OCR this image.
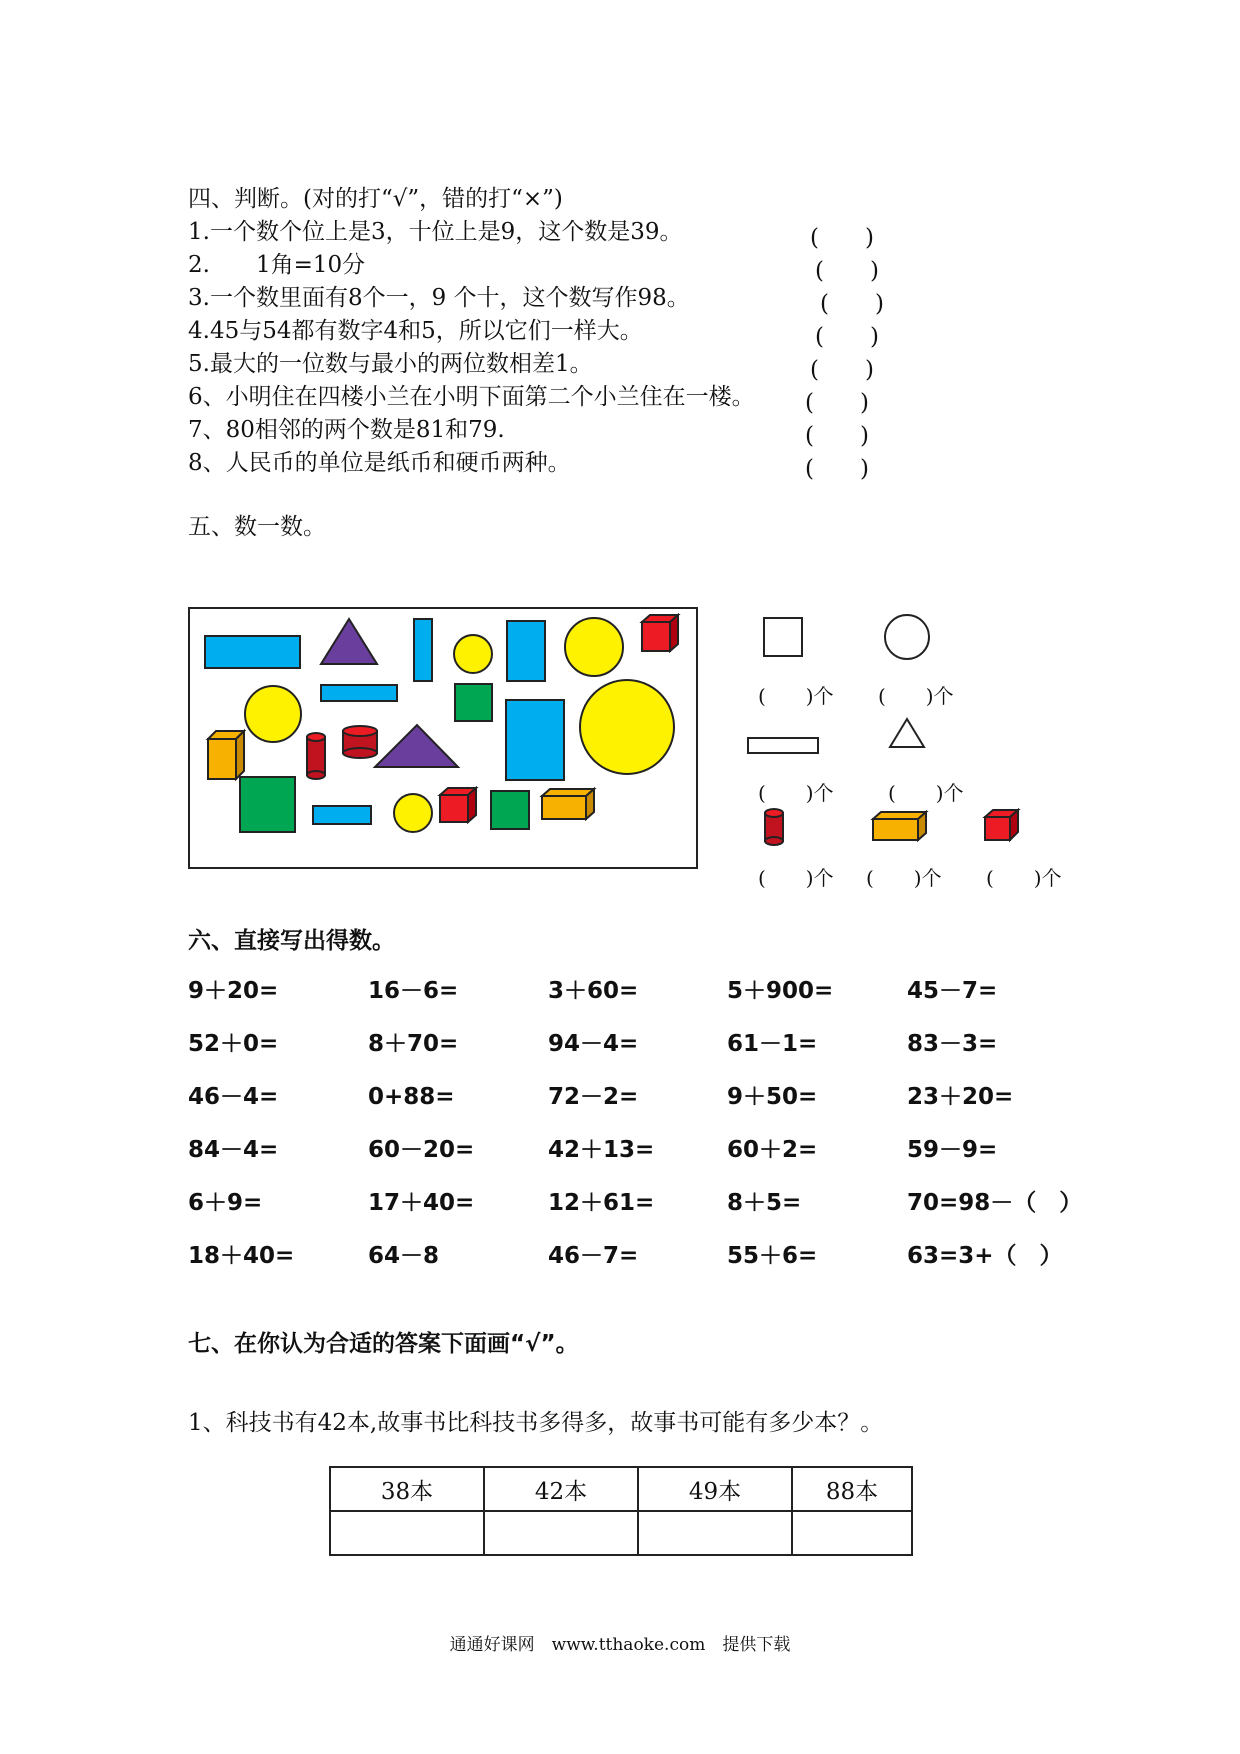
四、判断。(对的打“√”，错的打“×”)
1.一个数个位上是3，十位上是9，这个数是39。	(　　)
2.　　1角=10分	(　　)
3.一个数里面有8个一，9 个十，这个数写作98。	(　　)
4.45与54都有数字4和5，所以它们一样大。	(　　)
5.最大的一位数与最小的两位数相差1。	(　　)
6、小明住在四楼小兰在小明下面第二个小兰住在一楼。 (　　)
7、80相邻的两个数是81和79.	(　　)
8、人民币的单位是纸币和硬币两种。	(　　)
五、数一数。
(　　)个 (　　)个
(　　)个	(　　)个
(　　)个 (　　)个 (　　)个
六、直接写出得数。
9＋20=	16－6=	3＋60=	5＋900=	45－7=
52＋0=	8＋70=	94－4=	61－1=	83－3=
46－4=	0+88=	72－2=	9＋50=	23＋20=
84－4=	60－20=	42＋13=	60＋2=	59－9=
6＋9=	17＋40=	12＋61=	8＋5=	70=98－（　）
18＋40=	64－8	46－7=	55＋6=	63=3+（　）
七、在你认为合适的答案下面画“√”。
1、科技书有42本,故事书比科技书多得多，故事书可能有多少本？。
38本	42本	49本	88本

通通好课网　www.tthaoke.com　提供下载
